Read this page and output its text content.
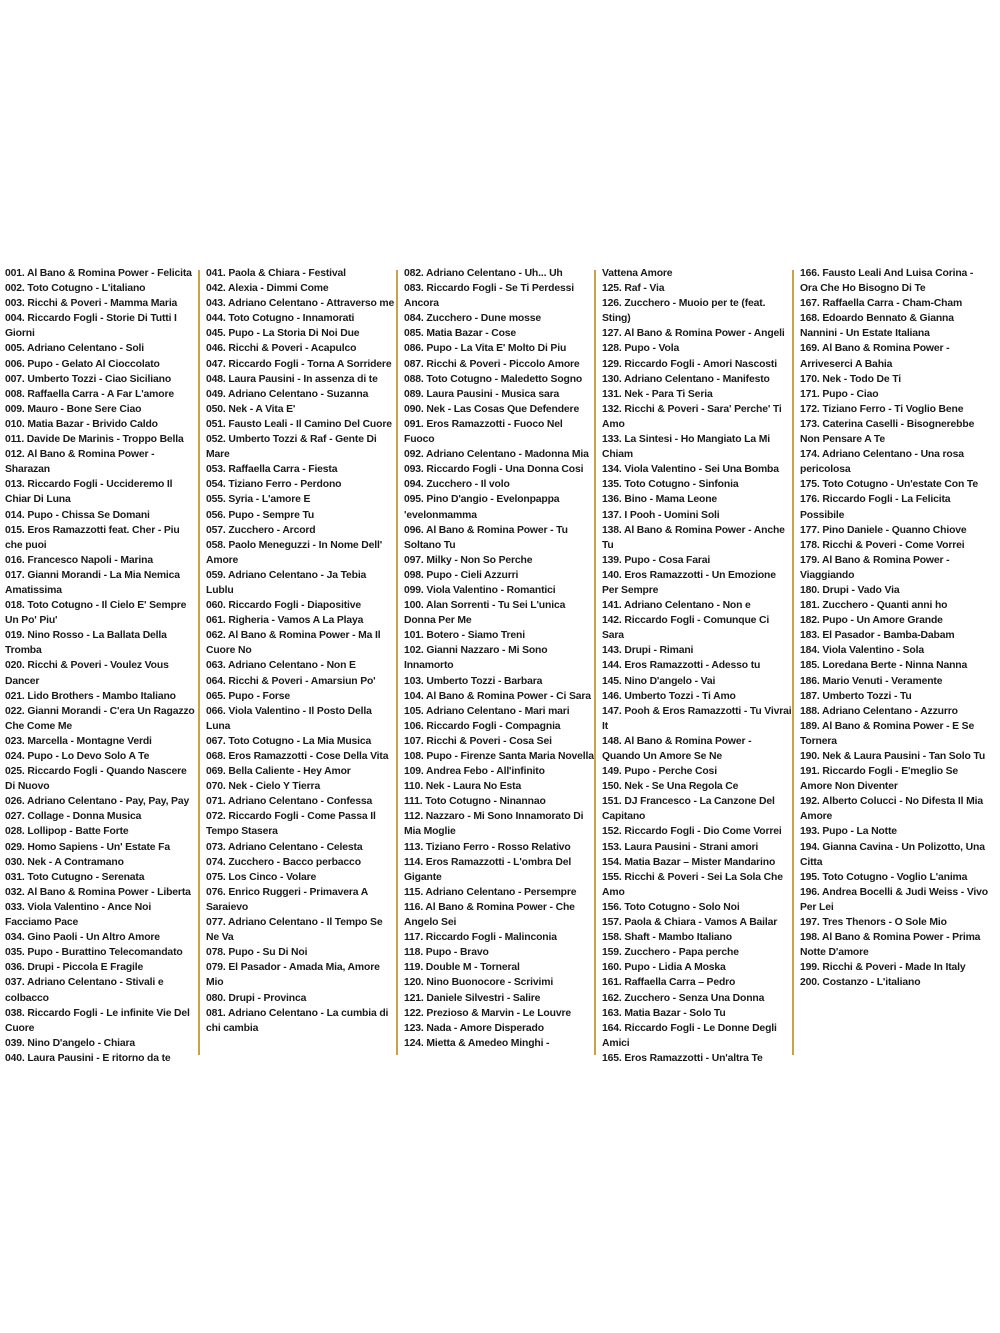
001. Al Bano & Romina Power - Felicita
002. Toto Cotugno - L'italiano
003. Ricchi & Poveri - Mamma Maria
004. Riccardo Fogli - Storie Di Tutti I Giorni
005. Adriano Celentano - Soli
006. Pupo - Gelato Al Cioccolato
007. Umberto Tozzi - Ciao Siciliano
008. Raffaella Carra - A Far L'amore
009. Mauro - Bone Sere Ciao
010. Matia Bazar - Brivido Caldo
011. Davide De Marinis - Troppo Bella
012. Al Bano & Romina Power - Sharazan
013. Riccardo Fogli - Uccideremo Il Chiar Di Luna
014. Pupo - Chissa Se Domani
015. Eros Ramazzotti feat. Cher - Piu che puoi
016. Francesco Napoli - Marina
017. Gianni Morandi - La Mia Nemica Amatissima
018. Toto Cotugno - Il Cielo E' Sempre Un Po' Piu'
019. Nino Rosso - La Ballata Della Tromba
020. Ricchi & Poveri - Voulez Vous Dancer
021. Lido Brothers - Mambo Italiano
022. Gianni Morandi - C'era Un Ragazzo Che Come Me
023. Marcella - Montagne Verdi
024. Pupo - Lo Devo Solo A Te
025. Riccardo Fogli - Quando Nascere Di Nuovo
026. Adriano Celentano - Pay, Pay, Pay
027. Collage - Donna Musica
028. Lollipop - Batte Forte
029. Homo Sapiens - Un' Estate Fa
030. Nek - A Contramano
031. Toto Cutugno - Serenata
032. Al Bano & Romina Power - Liberta
033. Viola Valentino - Ance Noi Facciamo Pace
034. Gino Paoli - Un Altro Amore
035. Pupo - Burattino Telecomandato
036. Drupi - Piccola E Fragile
037. Adriano Celentano - Stivali e colbacco
038. Riccardo Fogli - Le infinite Vie Del Cuore
039. Nino D'angelo - Chiara
040. Laura Pausini - E ritorno da te
041. Paola & Chiara - Festival
042. Alexia - Dimmi Come
043. Adriano Celentano - Attraverso me
044. Toto Cotugno - Innamorati
045. Pupo - La Storia Di Noi Due
046. Ricchi & Poveri - Acapulco
047. Riccardo Fogli - Torna A Sorridere
048. Laura Pausini - In assenza di te
049. Adriano Celentano - Suzanna
050. Nek - A Vita E'
051. Fausto Leali - Il Camino Del Cuore
052. Umberto Tozzi & Raf - Gente Di Mare
053. Raffaella Carra - Fiesta
054. Tiziano Ferro - Perdono
055. Syria - L'amore E
056. Pupo - Sempre Tu
057. Zucchero - Arcord
058. Paolo Meneguzzi - In Nome Dell' Amore
059. Adriano Celentano - Ja Tebia Lublu
060. Riccardo Fogli - Diapositive
061. Righeria - Vamos A La Playa
062. Al Bano & Romina Power - Ma Il Cuore No
063. Adriano Celentano - Non E
064. Ricchi & Poveri - Amarsiun Po'
065. Pupo - Forse
066. Viola Valentino - Il Posto Della Luna
067. Toto Cotugno - La Mia Musica
068. Eros Ramazzotti - Cose Della Vita
069. Bella Caliente - Hey Amor
070. Nek - Cielo Y Tierra
071. Adriano Celentano - Confessa
072. Riccardo Fogli - Come Passa Il Tempo Stasera
073. Adriano Celentano - Celesta
074. Zucchero - Bacco perbacco
075. Los Cinco - Volare
076. Enrico Ruggeri - Primavera A Saraievo
077. Adriano Celentano - Il Tempo Se Ne Va
078. Pupo - Su Di Noi
079. El Pasador - Amada Mia, Amore Mio
080. Drupi - Provinca
081. Adriano Celentano - La cumbia di chi cambia
082. Adriano Celentano - Uh... Uh
083. Riccardo Fogli - Se Ti Perdessi Ancora
084. Zucchero - Dune mosse
085. Matia Bazar - Cose
086. Pupo - La Vita E' Molto Di Piu
087. Ricchi & Poveri - Piccolo Amore
088. Toto Cotugno - Maledetto Sogno
089. Laura Pausini - Musica sara
090. Nek - Las Cosas Que Defendere
091. Eros Ramazzotti - Fuoco Nel Fuoco
092. Adriano Celentano - Madonna Mia
093. Riccardo Fogli - Una Donna Cosi
094. Zucchero - Il volo
095. Pino D'angio - Evelonpappa 'evelonmamma
096. Al Bano & Romina Power - Tu Soltano Tu
097. Milky - Non So Perche
098. Pupo - Cieli Azzurri
099. Viola Valentino - Romantici
100. Alan Sorrenti - Tu Sei L'unica Donna Per Me
101. Botero - Siamo Treni
102. Gianni Nazzaro - Mi Sono Innamorto
103. Umberto Tozzi - Barbara
104. Al Bano & Romina Power - Ci Sara
105. Adriano Celentano - Mari mari
106. Riccardo Fogli - Compagnia
107. Ricchi & Poveri - Cosa Sei
108. Pupo - Firenze Santa Maria Novella
109. Andrea Febo - All'infinito
110. Nek - Laura No Esta
111. Toto Cotugno - Ninannao
112. Nazzaro - Mi Sono Innamorato Di Mia Moglie
113. Tiziano Ferro - Rosso Relativo
114. Eros Ramazzotti - L'ombra Del Gigante
115. Adriano Celentano - Persempre
116. Al Bano & Romina Power - Che Angelo Sei
117. Riccardo Fogli - Malinconia
118. Pupo - Bravo
119. Double M - Torneral
120. Nino Buonocore - Scrivimi
121. Daniele Silvestri - Salire
122. Prezioso & Marvin - Le Louvre
123. Nada - Amore Disperado
124. Mietta & Amedeo Minghi -
Vattena Amore
125. Raf - Via
126. Zucchero - Muoio per te (feat. Sting)
127. Al Bano & Romina Power - Angeli
128. Pupo - Vola
129. Riccardo Fogli - Amori Nascosti
130. Adriano Celentano - Manifesto
131. Nek - Para Ti Seria
132. Ricchi & Poveri - Sara' Perche' Ti Amo
133. La Sintesi - Ho Mangiato La Mi Chiam
134. Viola Valentino - Sei Una Bomba
135. Toto Cotugno - Sinfonia
136. Bino - Mama Leone
137. I Pooh - Uomini Soli
138. Al Bano & Romina Power - Anche Tu
139. Pupo - Cosa Farai
140. Eros Ramazzotti - Un Emozione Per Sempre
141. Adriano Celentano - Non e
142. Riccardo Fogli - Comunque Ci Sara
143. Drupi - Rimani
144. Eros Ramazzotti - Adesso tu
145. Nino D'angelo - Vai
146. Umberto Tozzi - Ti Amo
147. Pooh & Eros Ramazzotti - Tu Vivrai It
148. Al Bano & Romina Power - Quando Un Amore Se Ne
149. Pupo - Perche Cosi
150. Nek - Se Una Regola Ce
151. DJ Francesco - La Canzone Del Capitano
152. Riccardo Fogli - Dio Come Vorrei
153. Laura Pausini - Strani amori
154. Matia Bazar – Mister Mandarino
155. Ricchi & Poveri - Sei La Sola Che Amo
156. Toto Cotugno - Solo Noi
157. Paola & Chiara - Vamos A Bailar
158. Shaft - Mambo Italiano
159. Zucchero - Papa perche
160. Pupo - Lidia A Moska
161. Raffaella Carra – Pedro
162. Zucchero - Senza Una Donna
163. Matia Bazar - Solo Tu
164. Riccardo Fogli - Le Donne Degli Amici
165. Eros Ramazzotti - Un'altra Te
166. Fausto Leali And Luisa Corina - Ora Che Ho Bisogno Di Te
167. Raffaella Carra - Cham-Cham
168. Edoardo Bennato & Gianna Nannini - Un Estate Italiana
169. Al Bano & Romina Power - Arriveserci A Bahia
170. Nek - Todo De Ti
171. Pupo - Ciao
172. Tiziano Ferro - Ti Voglio Bene
173. Caterina Caselli - Bisognerebbe Non Pensare A Te
174. Adriano Celentano - Una rosa pericolosa
175. Toto Cotugno - Un'estate Con Te
176. Riccardo Fogli - La Felicita Possibile
177. Pino Daniele - Quanno Chiove
178. Ricchi & Poveri - Come Vorrei
179. Al Bano & Romina Power - Viaggiando
180. Drupi - Vado Via
181. Zucchero - Quanti anni ho
182. Pupo - Un Amore Grande
183. El Pasador - Bamba-Dabam
184. Viola Valentino - Sola
185. Loredana Berte - Ninna Nanna
186. Mario Venuti - Veramente
187. Umberto Tozzi - Tu
188. Adriano Celentano - Azzurro
189. Al Bano & Romina Power - E Se Tornera
190. Nek & Laura Pausini - Tan Solo Tu
191. Riccardo Fogli - E'meglio Se Amore Non Diventer
192. Alberto Colucci - No Difesta Il Mia Amore
193. Pupo - La Notte
194. Gianna Cavina - Un Polizotto, Una Citta
195. Toto Cotugno - Voglio L'anima
196. Andrea Bocelli & Judi Weiss - Vivo Per Lei
197. Tres Thenors - O Sole Mio
198. Al Bano & Romina Power - Prima Notte D'amore
199. Ricchi & Poveri - Made In Italy
200. Costanzo - L'italiano
